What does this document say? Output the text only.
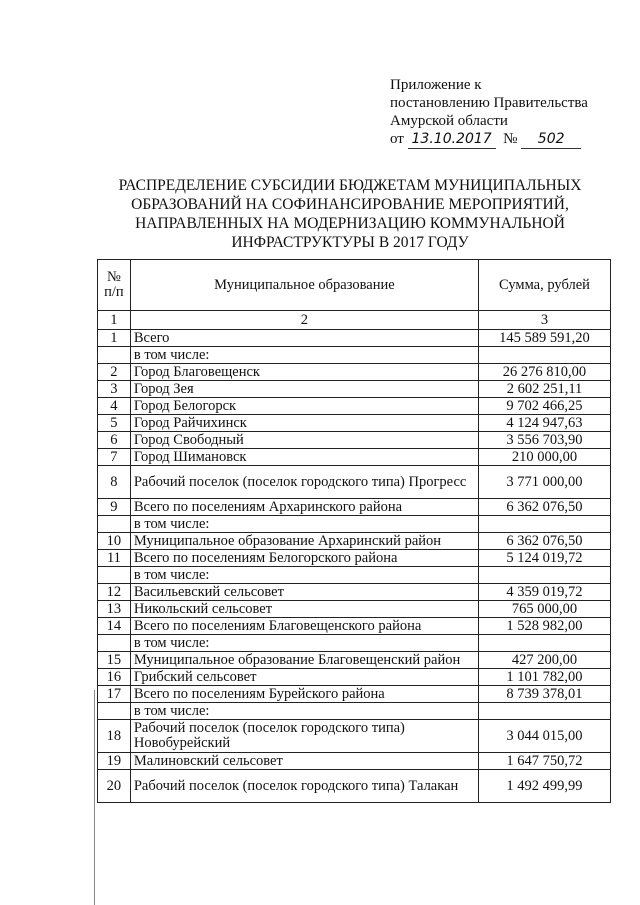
Приложение к
постановлению Правительства
Амурской области
от 13.10.2017 № 502
РАСПРЕДЕЛЕНИЕ СУБСИДИИ БЮДЖЕТАМ МУНИЦИПАЛЬНЫХ ОБРАЗОВАНИЙ НА СОФИНАНСИРОВАНИЕ МЕРОПРИЯТИЙ, НАПРАВЛЕННЫХ НА МОДЕРНИЗАЦИЮ КОММУНАЛЬНОЙ ИНФРАСТРУКТУРЫ В 2017 ГОДУ
№ п/п	Муниципальное образование	Сумма, рублей
1	2	3
1	Всего	145 589 591,20
	в том числе:	
2	Город Благовещенск	26 276 810,00
3	Город Зея	2 602 251,11
4	Город Белогорск	9 702 466,25
5	Город Райчихинск	4 124 947,63
6	Город Свободный	3 556 703,90
7	Город Шимановск	210 000,00
8	Рабочий поселок (поселок городского типа) Прогресс	3 771 000,00
9	Всего по поселениям Архаринского района	6 362 076,50
	в том числе:	
10	Муниципальное образование Архаринский район	6 362 076,50
11	Всего по поселениям Белогорского района	5 124 019,72
	в том числе:	
12	Васильевский сельсовет	4 359 019,72
13	Никольский сельсовет	765 000,00
14	Всего по поселениям Благовещенского района	1 528 982,00
	в том числе:	
15	Муниципальное образование Благовещенский район	427 200,00
16	Грибский сельсовет	1 101 782,00
17	Всего по поселениям Бурейского района	8 739 378,01
	в том числе:	
18	Рабочий поселок (поселок городского типа) Новобурейский	3 044 015,00
19	Малиновский сельсовет	1 647 750,72
20	Рабочий поселок (поселок городского типа) Талакан	1 492 499,99
